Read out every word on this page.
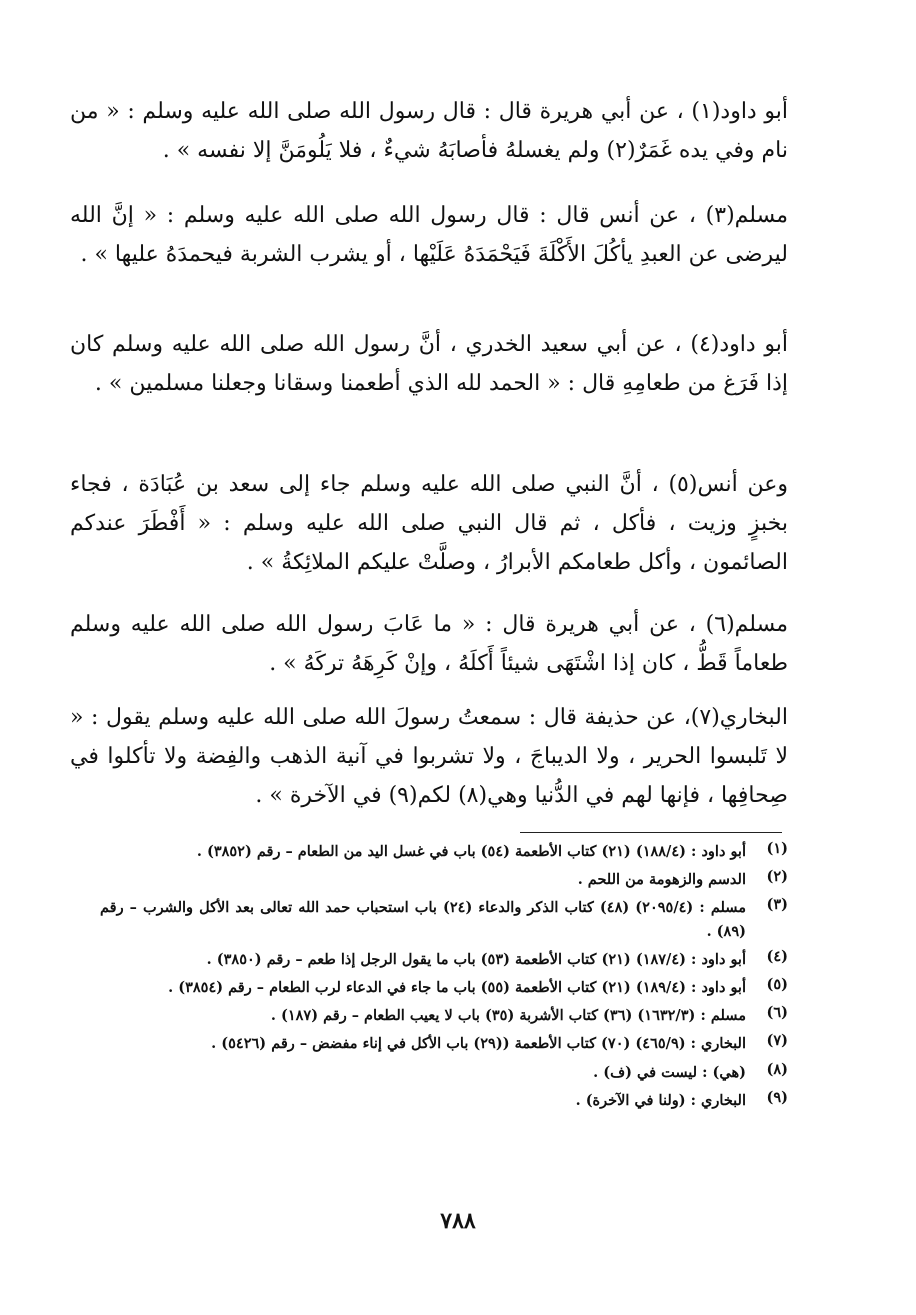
أبو داود(١) ، عن أبي هريرة قال : قال رسول الله صلى الله عليه وسلم : « من نام وفي يده غَمَرٌ(٢) ولم يغسلهُ فأصابَهُ شيءٌ ، فلا يَلُومَنَّ إلا نفسه » .
مسلم(٣) ، عن أنس قال : قال رسول الله صلى الله عليه وسلم : « إنَّ الله ليرضى عن العبدِ يأكُلَ الأَكْلَةَ فَيَحْمَدَهُ عَلَيْها ، أو يشرب الشربة فيحمدَهُ عليها » .
أبو داود(٤) ، عن أبي سعيد الخدري ، أنَّ رسول الله صلى الله عليه وسلم كان إذا فَرَغ من طعامِهِ قال : « الحمد لله الذي أطعمنا وسقانا وجعلنا مسلمين » .
وعن أنس(٥) ، أنَّ النبي صلى الله عليه وسلم جاء إلى سعد بن عُبَادَة ، فجاء بخبزٍ وزيت ، فأكل ، ثم قال النبي صلى الله عليه وسلم : « أَفْطَرَ عندكم الصائمون ، وأكل طعامكم الأبرارُ ، وصلَّتْ عليكم الملائِكةُ » .
مسلم(٦) ، عن أبي هريرة قال : « ما عَابَ رسول الله صلى الله عليه وسلم طعاماً قَطُّ ، كان إذا اشْتَهَى شيئاً أَكلَهُ ، وإنْ كَرِهَهُ تركَهُ » .
البخاري(٧)، عن حذيفة قال : سمعتُ رسولَ الله صلى الله عليه وسلم يقول : « لا تَلبسوا الحرير ، ولا الديباجَ ، ولا تشربوا في آنية الذهب والفِضة ولا تأكلوا في صِحافِها ، فإنها لهم في الدُّنيا وهي(٨) لكم(٩) في الآخرة » .
(١)
أبو داود : (١٨٨/٤) (٢١) كتاب الأطعمة (٥٤) باب في غسل اليد من الطعام – رقم (٣٨٥٢) .
(٢)
الدسم والزهومة من اللحم .
(٣)
مسلم : (٢٠٩٥/٤) (٤٨) كتاب الذكر والدعاء (٢٤) باب استحباب حمد الله تعالى بعد الأكل والشرب – رقم (٨٩) .
(٤)
أبو داود : (١٨٧/٤) (٢١) كتاب الأطعمة (٥٣) باب ما يقول الرجل إذا طعم – رقم (٣٨٥٠) .
(٥)
أبو داود : (١٨٩/٤) (٢١) كتاب الأطعمة (٥٥) باب ما جاء في الدعاء لرب الطعام – رقم (٣٨٥٤) .
(٦)
مسلم : (١٦٣٢/٣) (٣٦) كتاب الأشربة (٣٥) باب لا يعيب الطعام – رقم (١٨٧) .
(٧)
البخاري : (٤٦٥/٩) (٧٠) كتاب الأطعمة ((٢٩) باب الأكل في إناء مفضض – رقم (٥٤٢٦) .
(٨)
(هي) : ليست في (ف) .
(٩)
البخاري : (ولنا في الآخرة) .
٧٨٨
